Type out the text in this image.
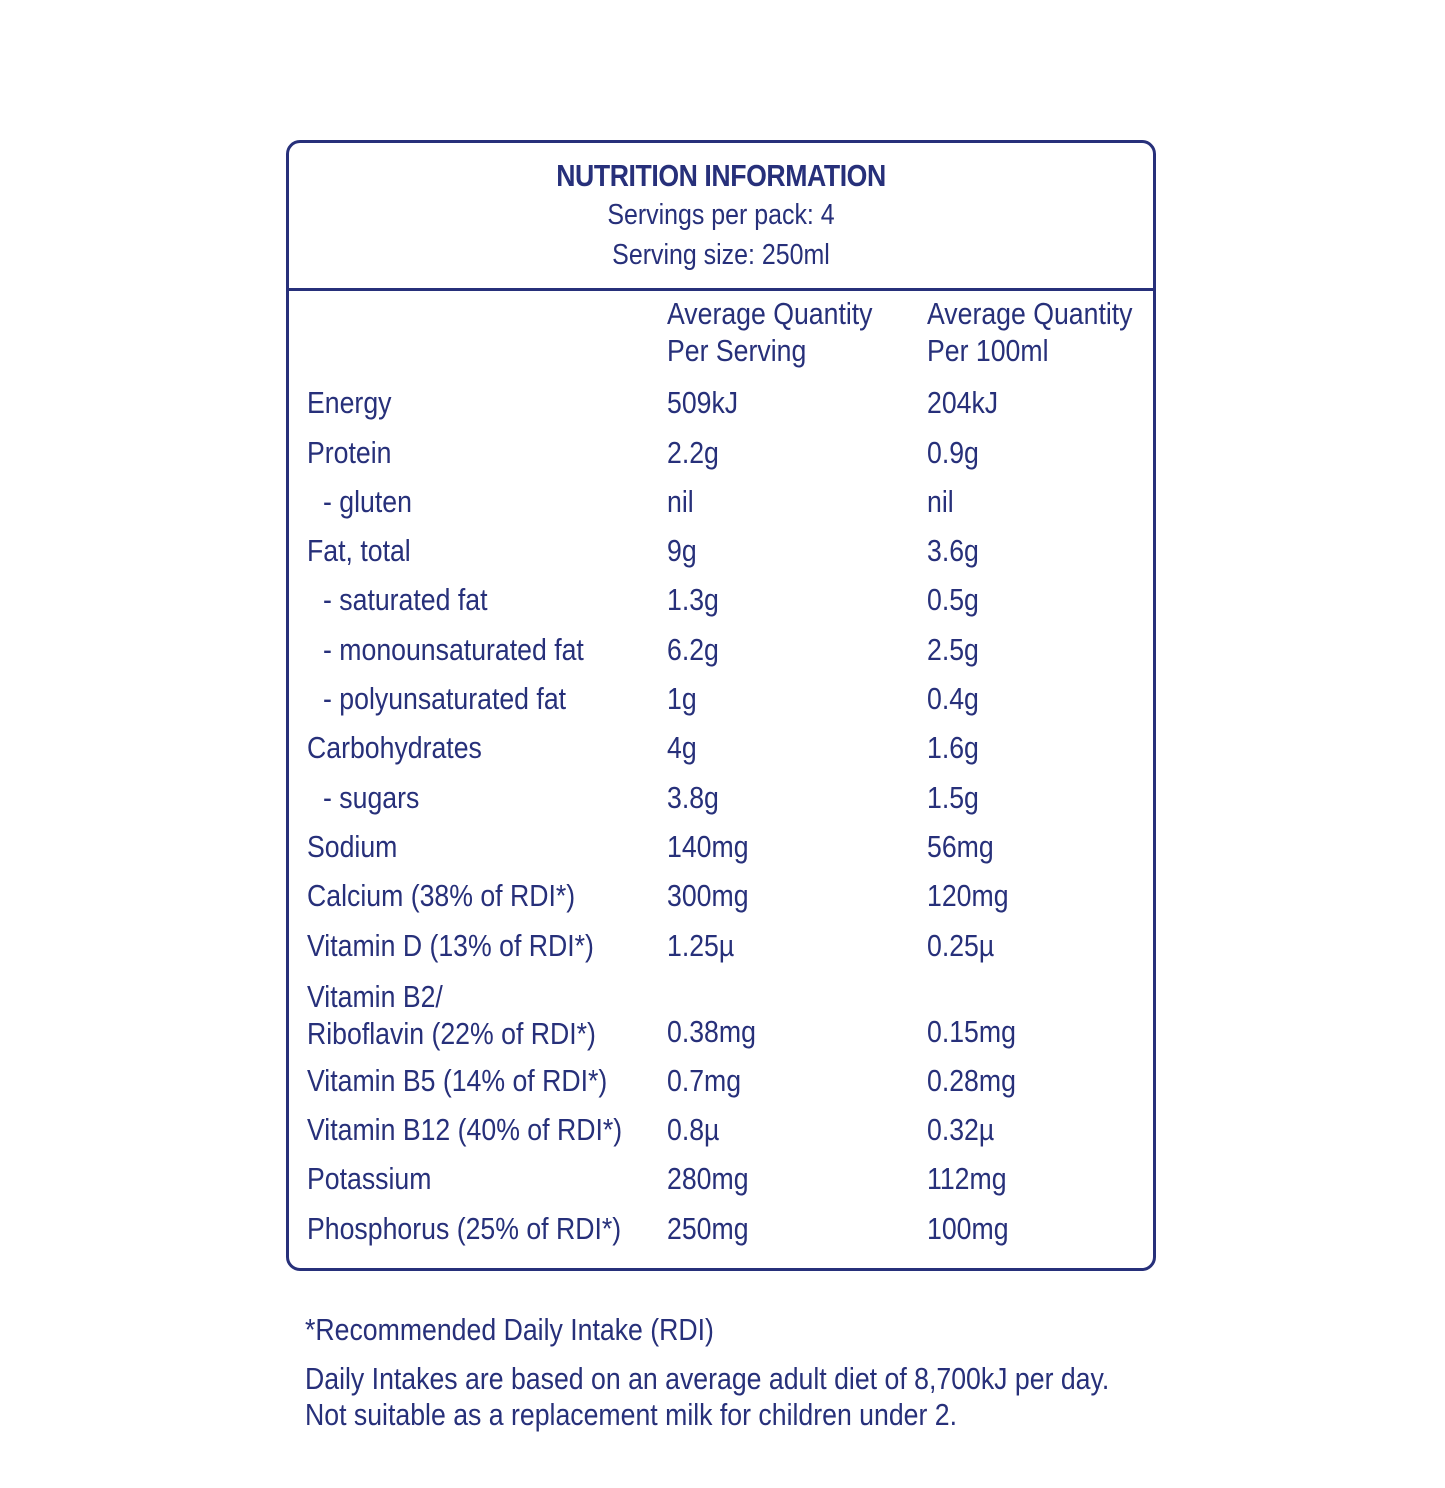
NUTRITION INFORMATION
Servings per pack: 4
Serving size: 250ml
Average Quantity
Per Serving
Average Quantity
Per 100ml
Energy	509kJ	204kJ
Protein	2.2g	0.9g
- gluten	nil	nil
Fat, total	9g	3.6g
- saturated fat	1.3g	0.5g
- monounsaturated fat	6.2g	2.5g
- polyunsaturated fat	1g	0.4g
Carbohydrates	4g	1.6g
- sugars	3.8g	1.5g
Sodium	140mg	56mg
Calcium (38% of RDI*)	300mg	120mg
Vitamin D (13% of RDI*) 1.25µ	0.25µ
Vitamin B2/
Riboflavin (22% of RDI*) 0.38mg	0.15mg
Vitamin B5 (14% of RDI*) 0.7mg	0.28mg
Vitamin B12 (40% of RDI*) 0.8µ	0.32µ
Potassium	280mg	112mg
Phosphorus (25% of RDI*) 250mg	100mg
*Recommended Daily Intake (RDI)
Daily Intakes are based on an average adult diet of 8,700kJ per day.
Not suitable as a replacement milk for children under 2.
